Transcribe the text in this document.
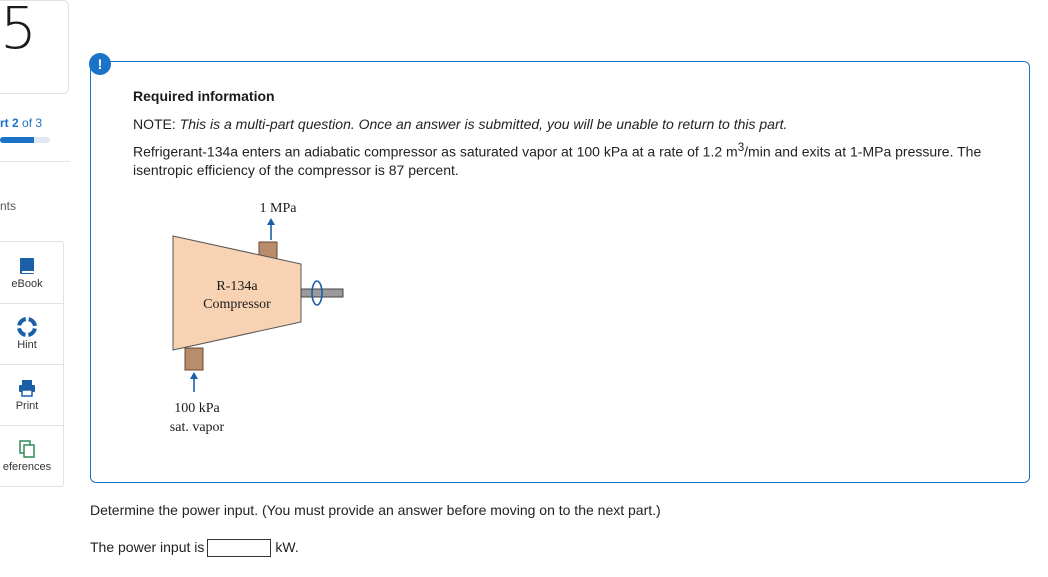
5
rt 2 of 3
nts
eBook
Hint
Print
eferences
Required information
NOTE: This is a multi-part question. Once an answer is submitted, you will be unable to return to this part.
Refrigerant-134a enters an adiabatic compressor as saturated vapor at 100 kPa at a rate of 1.2 $m^3/\min$ and exits at 1-MPa pressure. The isentropic efficiency of the compressor is 87 percent.
1 MPa
R-134a
Compressor
100 kPa
sat. vapor
!
Determine the power input. (You must provide an answer before moving on to the next part.)
The power input is	kW.
